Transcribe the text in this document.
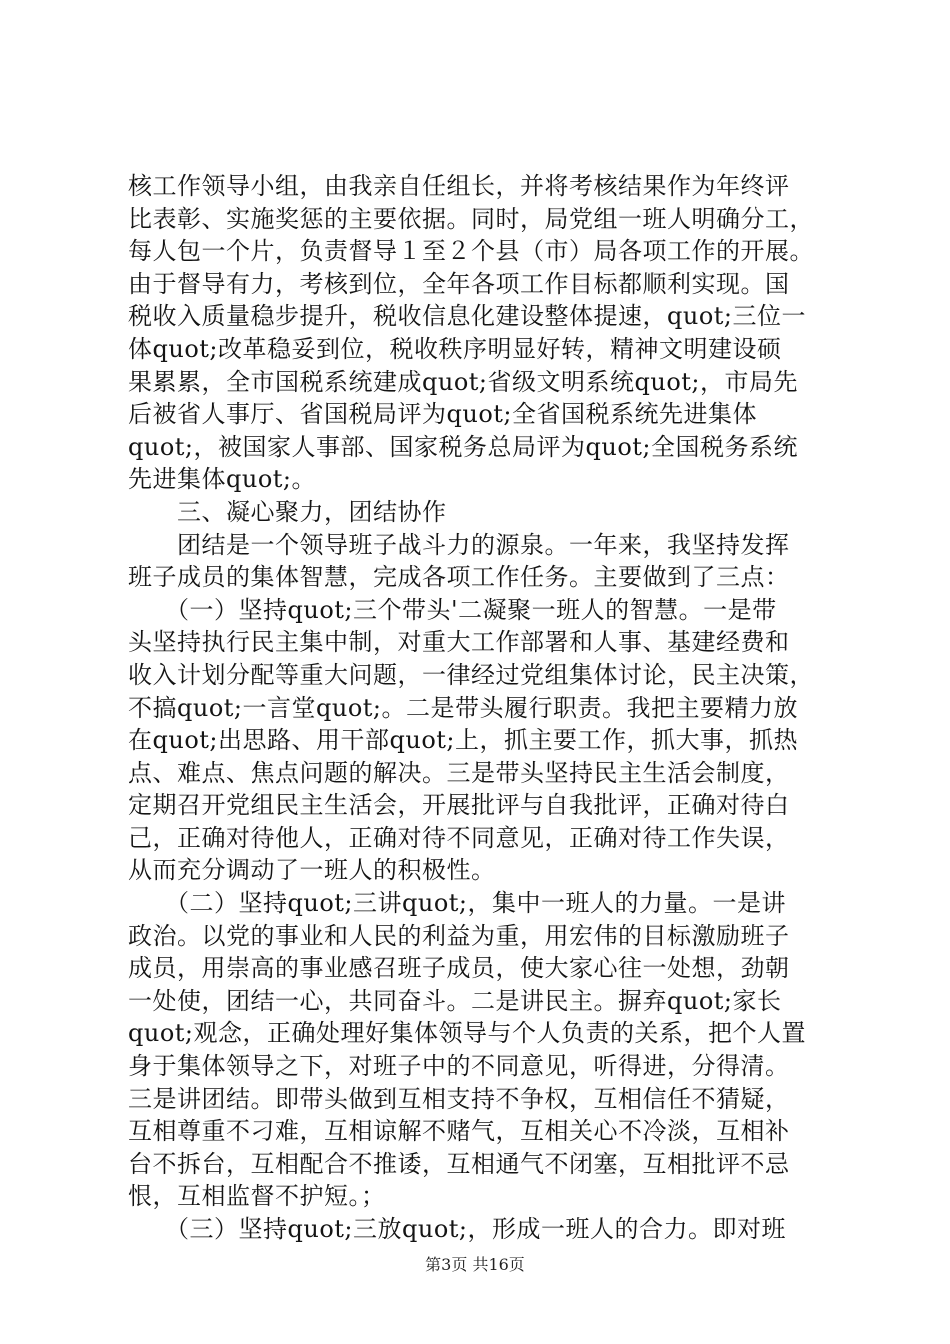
核工作领导小组，由我亲自任组长，并将考核结果作为年终评
比表彰、实施奖惩的主要依据。同时，局党组一班人明确分工，
每人包一个片，负责督导１至２个县（市）局各项工作的开展。
由于督导有力，考核到位，全年各项工作目标都顺利实现。国
税收入质量稳步提升，税收信息化建设整体提速，quot;三位一
体quot;改革稳妥到位，税收秩序明显好转，精神文明建设硕
果累累，全市国税系统建成quot;省级文明系统quot;，市局先
后被省人事厅、省国税局评为quot;全省国税系统先进集体
quot;，被国家人事部、国家税务总局评为quot;全国税务系统
先进集体quot;。
　　三、凝心聚力，团结协作
　　团结是一个领导班子战斗力的源泉。一年来，我坚持发挥
班子成员的集体智慧，完成各项工作任务。主要做到了三点：
　　（一）坚持quot;三个带头'二凝聚一班人的智慧。一是带
头坚持执行民主集中制，对重大工作部署和人事、基建经费和
收入计划分配等重大问题，一律经过党组集体讨论，民主决策，
不搞quot;一言堂quot;。二是带头履行职责。我把主要精力放
在quot;出思路、用干部quot;上，抓主要工作，抓大事，抓热
点、难点、焦点问题的解决。三是带头坚持民主生活会制度，
定期召开党组民主生活会，开展批评与自我批评，正确对待白
己，正确对待他人，正确对待不同意见，正确对待工作失误，
从而充分调动了一班人的积极性。
　　（二）坚持quot;三讲quot;，集中一班人的力量。一是讲
政治。以党的事业和人民的利益为重，用宏伟的目标激励班子
成员，用崇高的事业感召班子成员，使大家心往一处想，劲朝
一处使，团结一心，共同奋斗。二是讲民主。摒弃quot;家长
quot;观念，正确处理好集体领导与个人负责的关系，把个人置
身于集体领导之下，对班子中的不同意见，听得进，分得清。
三是讲团结。即带头做到互相支持不争权，互相信任不猜疑，
互相尊重不刁难，互相谅解不赌气，互相关心不冷淡，互相补
台不拆台，互相配合不推诿，互相通气不闭塞，互相批评不忌
恨，互相监督不护短。；
　　（三）坚持quot;三放quot;，形成一班人的合力。即对班
第3页 共16页
